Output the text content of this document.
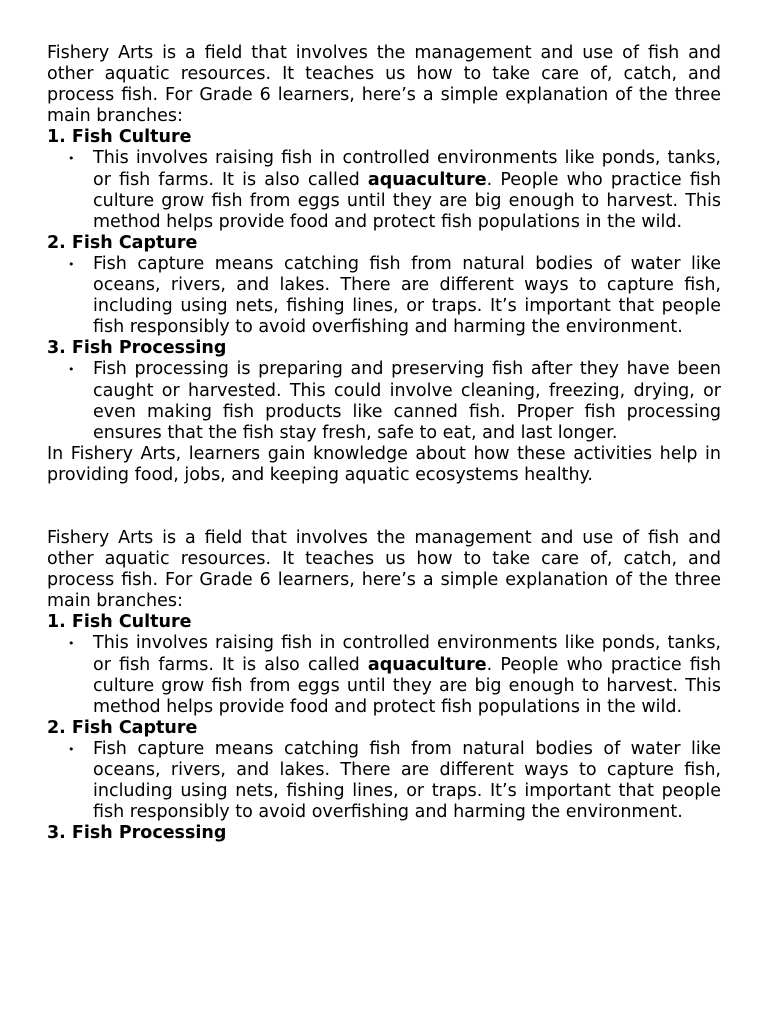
Fishery Arts is a field that involves the management and use of fish and other aquatic resources. It teaches us how to take care of, catch, and process fish. For Grade 6 learners, here’s a simple explanation of the three main branches:

1. Fish Culture

• This involves raising fish in controlled environments like ponds, tanks, or fish farms. It is also called aquaculture. People who practice fish culture grow fish from eggs until they are big enough to harvest. This method helps provide food and protect fish populations in the wild.

2. Fish Capture

• Fish capture means catching fish from natural bodies of water like oceans, rivers, and lakes. There are different ways to capture fish, including using nets, fishing lines, or traps. It’s important that people fish responsibly to avoid overfishing and harming the environment.

3. Fish Processing

• Fish processing is preparing and preserving fish after they have been caught or harvested. This could involve cleaning, freezing, drying, or even making fish products like canned fish. Proper fish processing ensures that the fish stay fresh, safe to eat, and last longer.

In Fishery Arts, learners gain knowledge about how these activities help in providing food, jobs, and keeping aquatic ecosystems healthy.

Fishery Arts is a field that involves the management and use of fish and other aquatic resources. It teaches us how to take care of, catch, and process fish. For Grade 6 learners, here’s a simple explanation of the three main branches:

1. Fish Culture

• This involves raising fish in controlled environments like ponds, tanks, or fish farms. It is also called aquaculture. People who practice fish culture grow fish from eggs until they are big enough to harvest. This method helps provide food and protect fish populations in the wild.

2. Fish Capture

• Fish capture means catching fish from natural bodies of water like oceans, rivers, and lakes. There are different ways to capture fish, including using nets, fishing lines, or traps. It’s important that people fish responsibly to avoid overfishing and harming the environment.

3. Fish Processing
